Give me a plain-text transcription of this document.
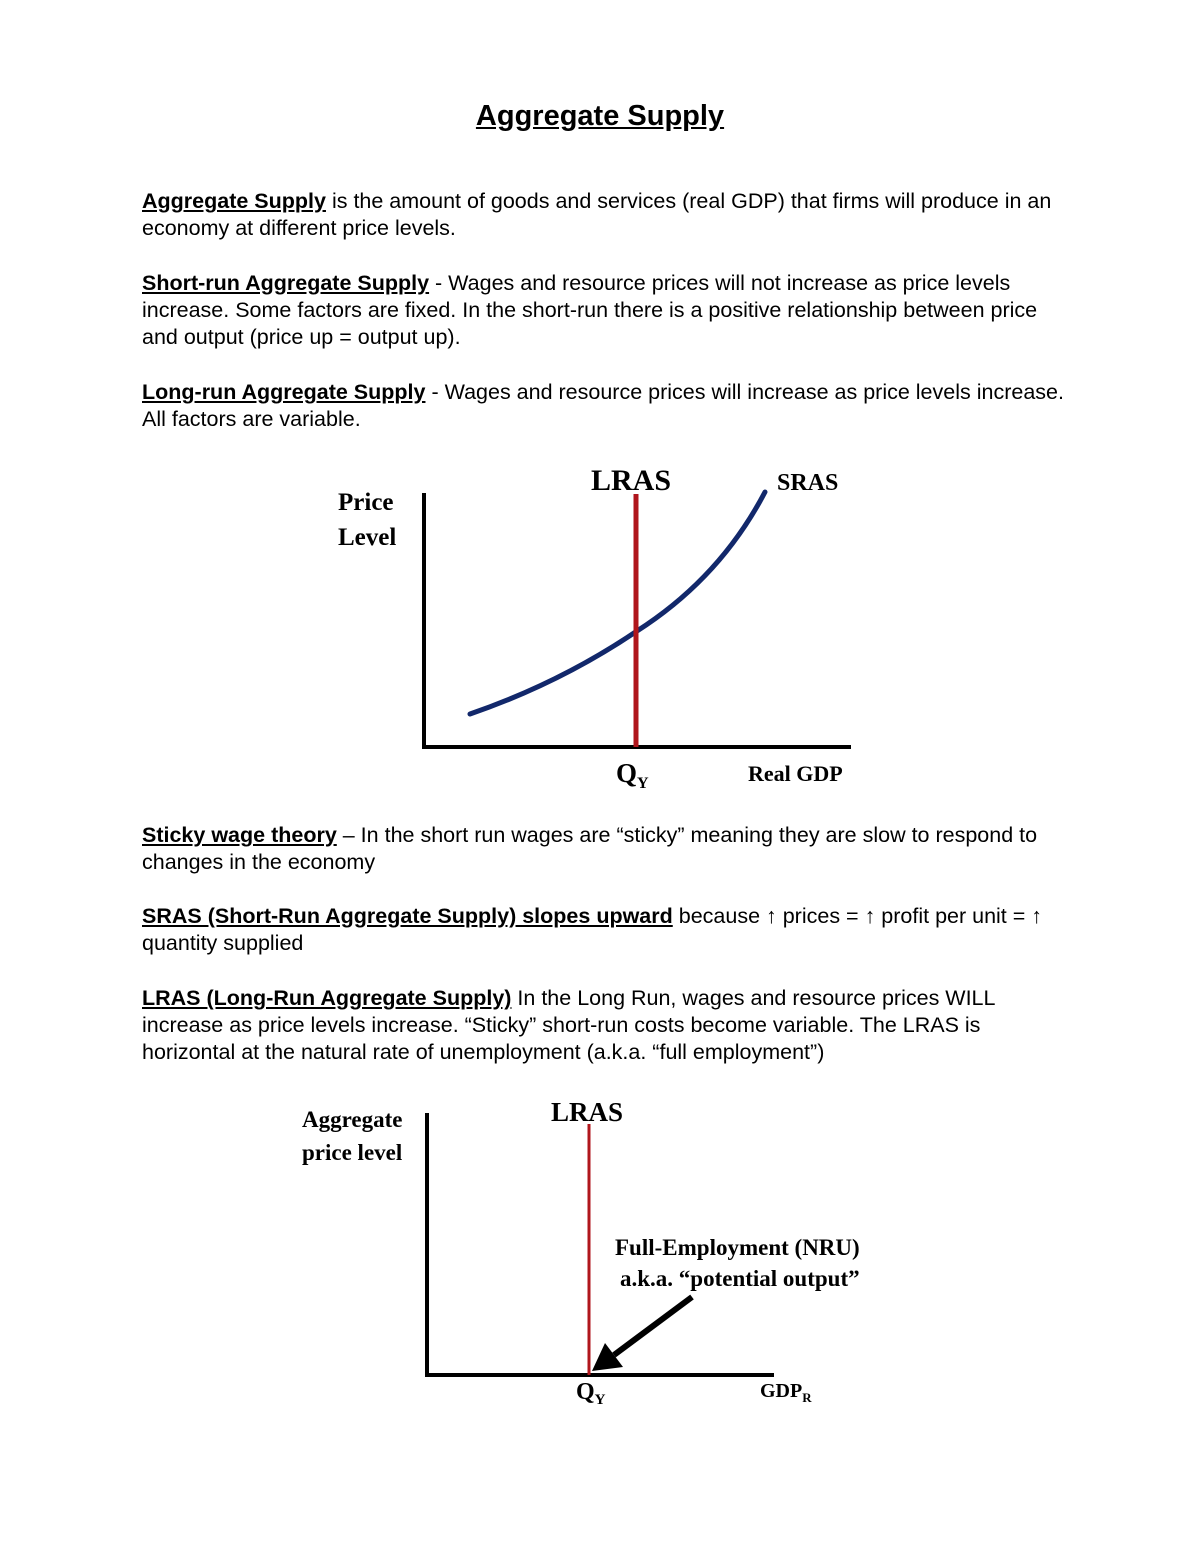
Aggregate Supply
Aggregate Supply is the amount of goods and services (real GDP) that firms will produce in an economy at different price levels.
Short-run Aggregate Supply - Wages and resource prices will not increase as price levels increase. Some factors are fixed. In the short-run there is a positive relationship between price and output (price up = output up).
Long-run Aggregate Supply - Wages and resource prices will increase as price levels increase. All factors are variable.
Price
Level
LRAS	SRAS
$Q_Y$	Real GDP
Sticky wage theory – In the short run wages are “sticky” meaning they are slow to respond to changes in the economy
SRAS (Short-Run Aggregate Supply) slopes upward because ↑ prices = ↑ profit per unit = ↑ quantity supplied
LRAS (Long-Run Aggregate Supply) In the Long Run, wages and resource prices WILL increase as price levels increase. “Sticky” short-run costs become variable. The LRAS is horizontal at the natural rate of unemployment (a.k.a. “full employment”)
Aggregate
price level
LRAS
Full-Employment (NRU)
a.k.a. “potential output”
$Q_Y$	$GDP_R$
